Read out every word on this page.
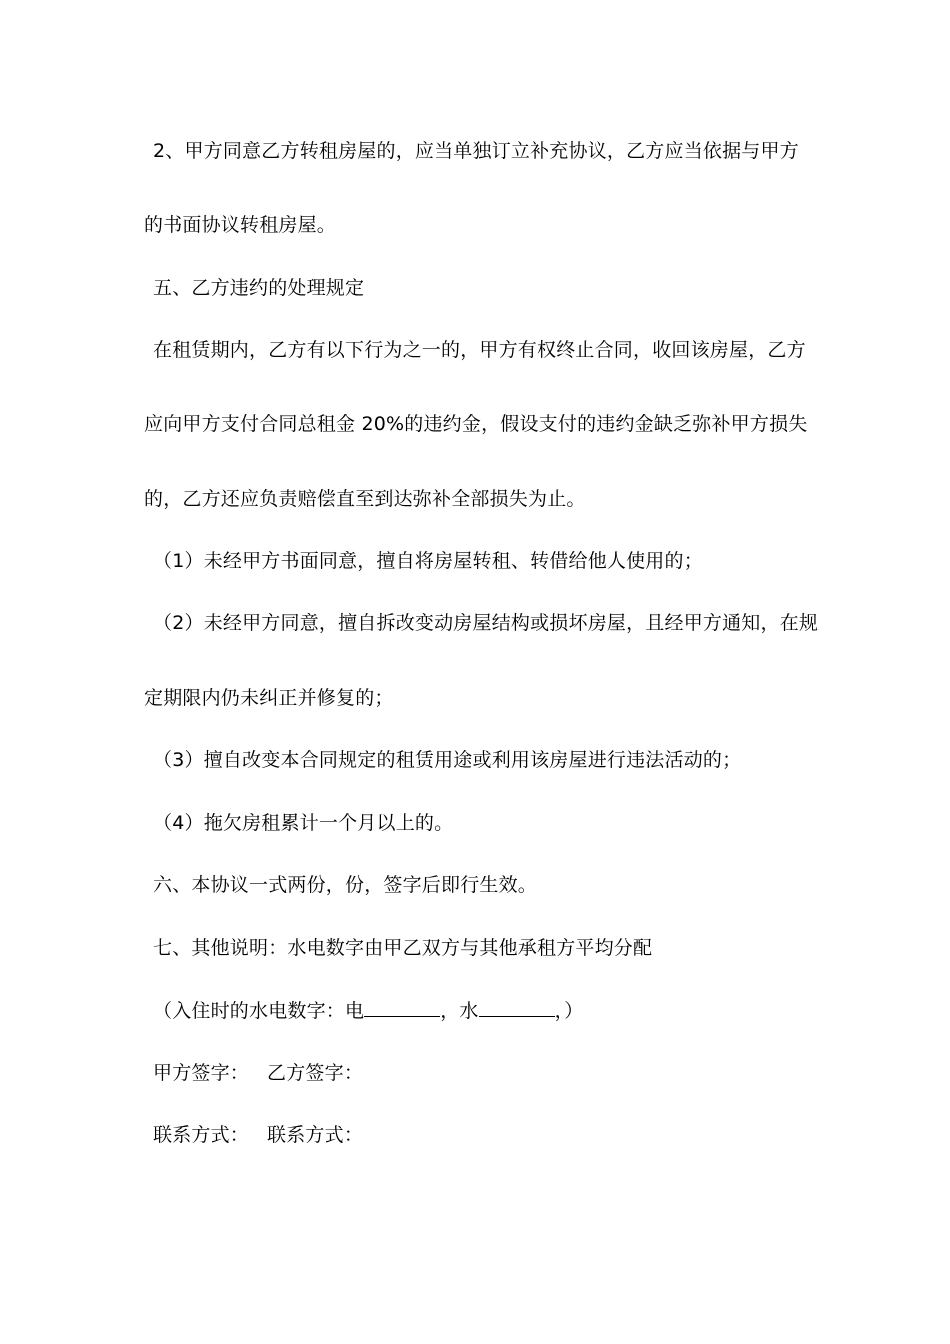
2、甲方同意乙方转租房屋的，应当单独订立补充协议，乙方应当依据与甲方
的书面协议转租房屋。
五、乙方违约的处理规定
在租赁期内，乙方有以下行为之一的，甲方有权终止合同，收回该房屋，乙方
应向甲方支付合同总租金 20%的违约金，假设支付的违约金缺乏弥补甲方损失
的，乙方还应负责赔偿直至到达弥补全部损失为止。
（1）未经甲方书面同意，擅自将房屋转租、转借给他人使用的；
（2）未经甲方同意，擅自拆改变动房屋结构或损坏房屋，且经甲方通知，在规
定期限内仍未纠正并修复的；
（3）擅自改变本合同规定的租赁用途或利用该房屋进行违法活动的；
（4）拖欠房租累计一个月以上的。
六、本协议一式两份，份，签字后即行生效。
七、其他说明：水电数字由甲乙双方与其他承租方平均分配
（入住时的水电数字：电	，水	，）
甲方签字： 乙方签字：
联系方式： 联系方式：
